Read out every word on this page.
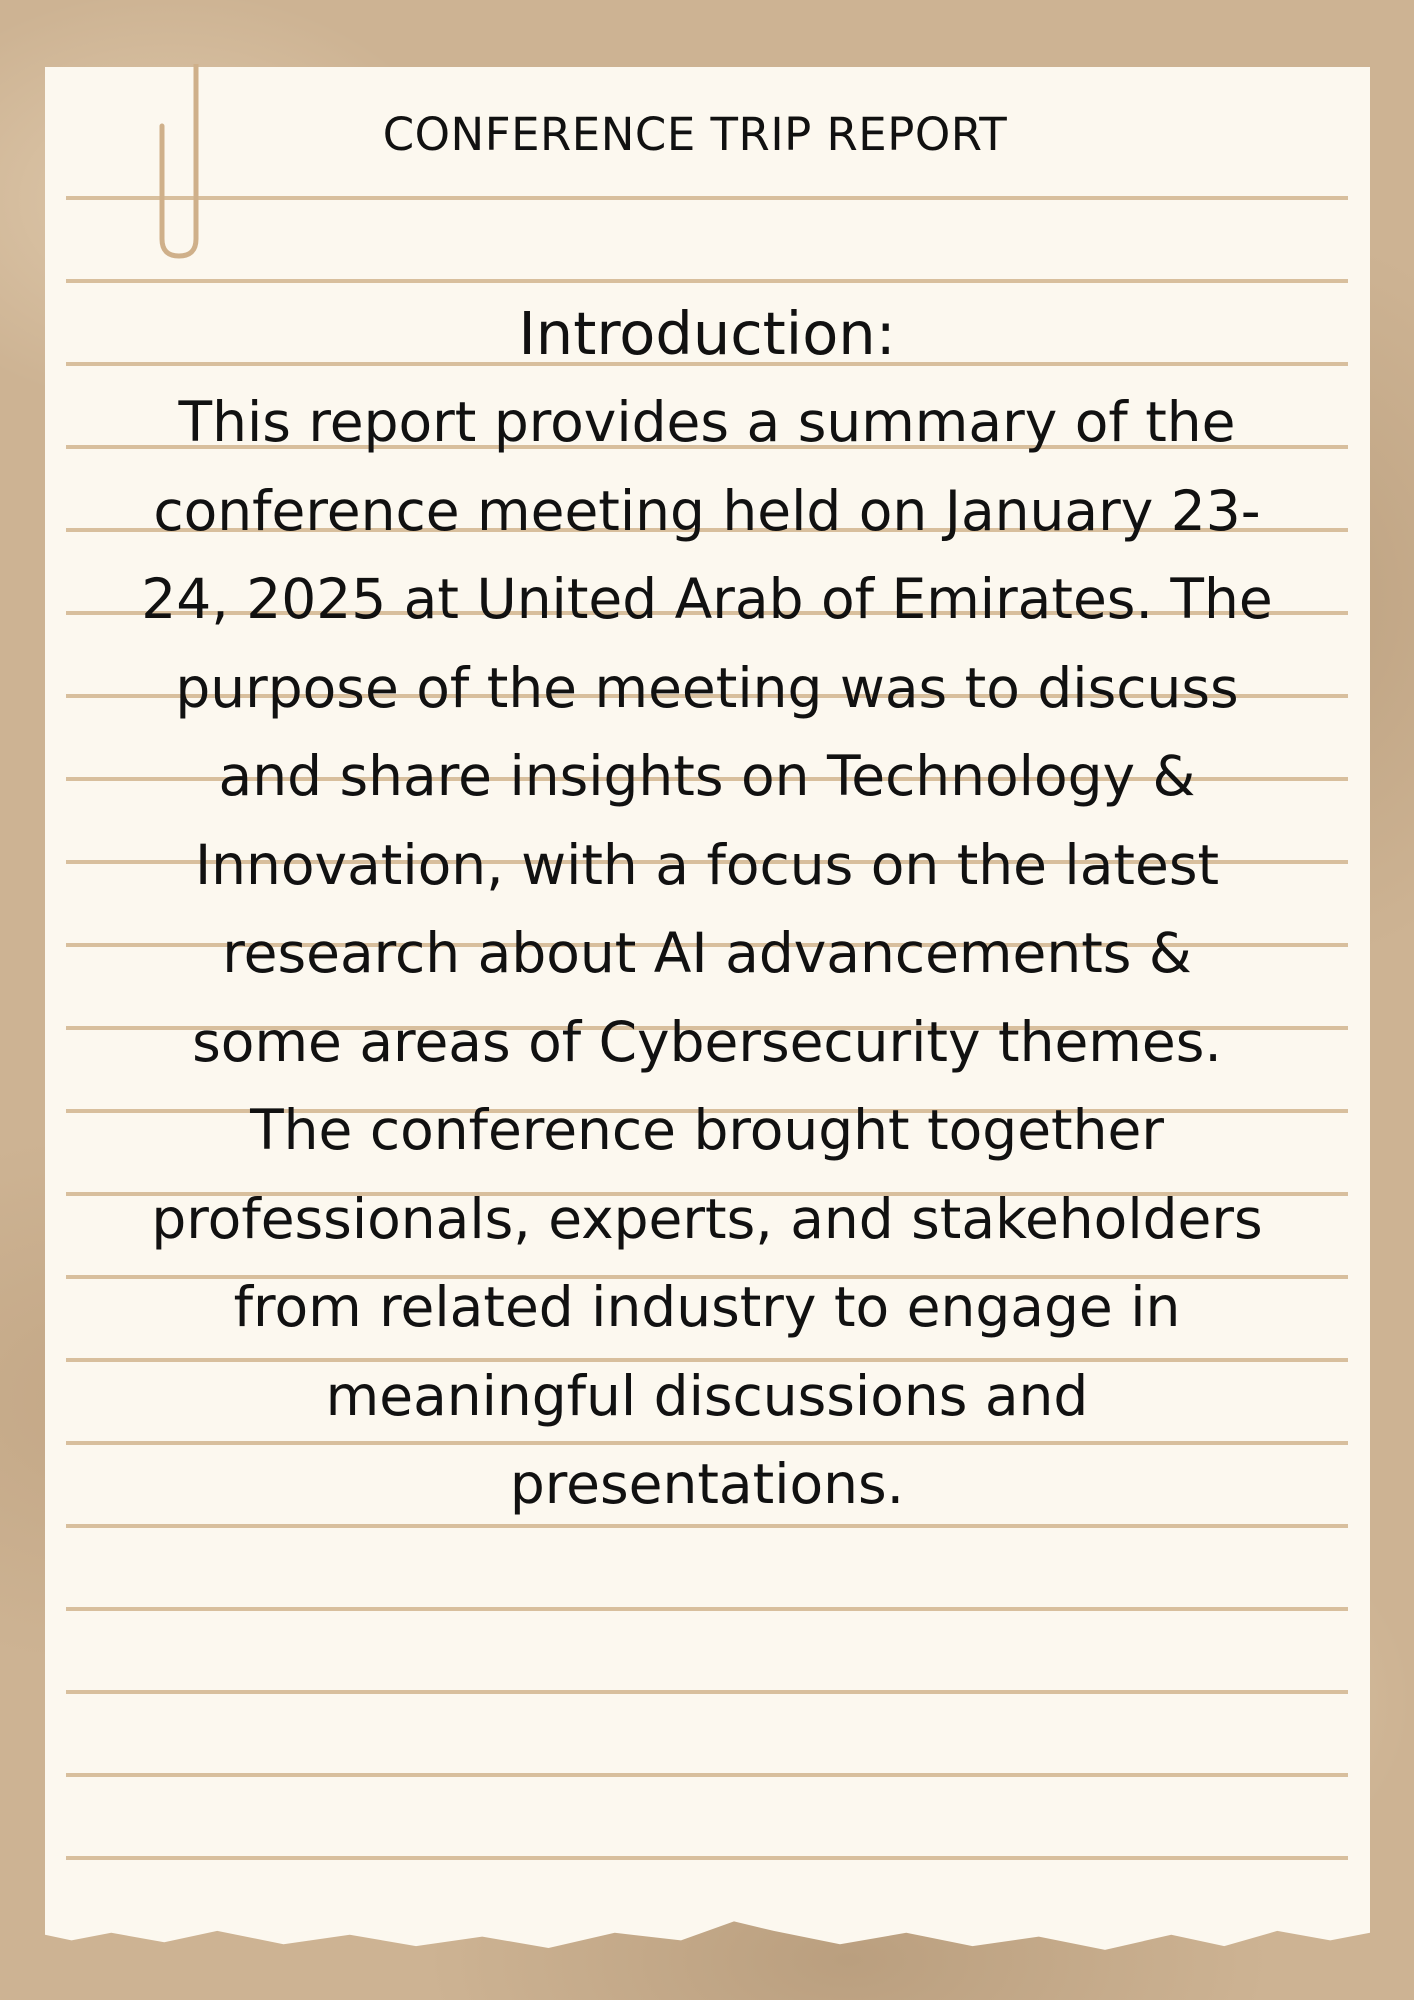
CONFERENCE TRIP REPORT
Introduction:

This report provides a summary of the conference meeting held on January 23-24, 2025 at United Arab of Emirates. The purpose of the meeting was to discuss and share insights on Technology & Innovation, with a focus on the latest research about AI advancements & some areas of Cybersecurity themes. The conference brought together professionals, experts, and stakeholders from related industry to engage in meaningful discussions and presentations.
